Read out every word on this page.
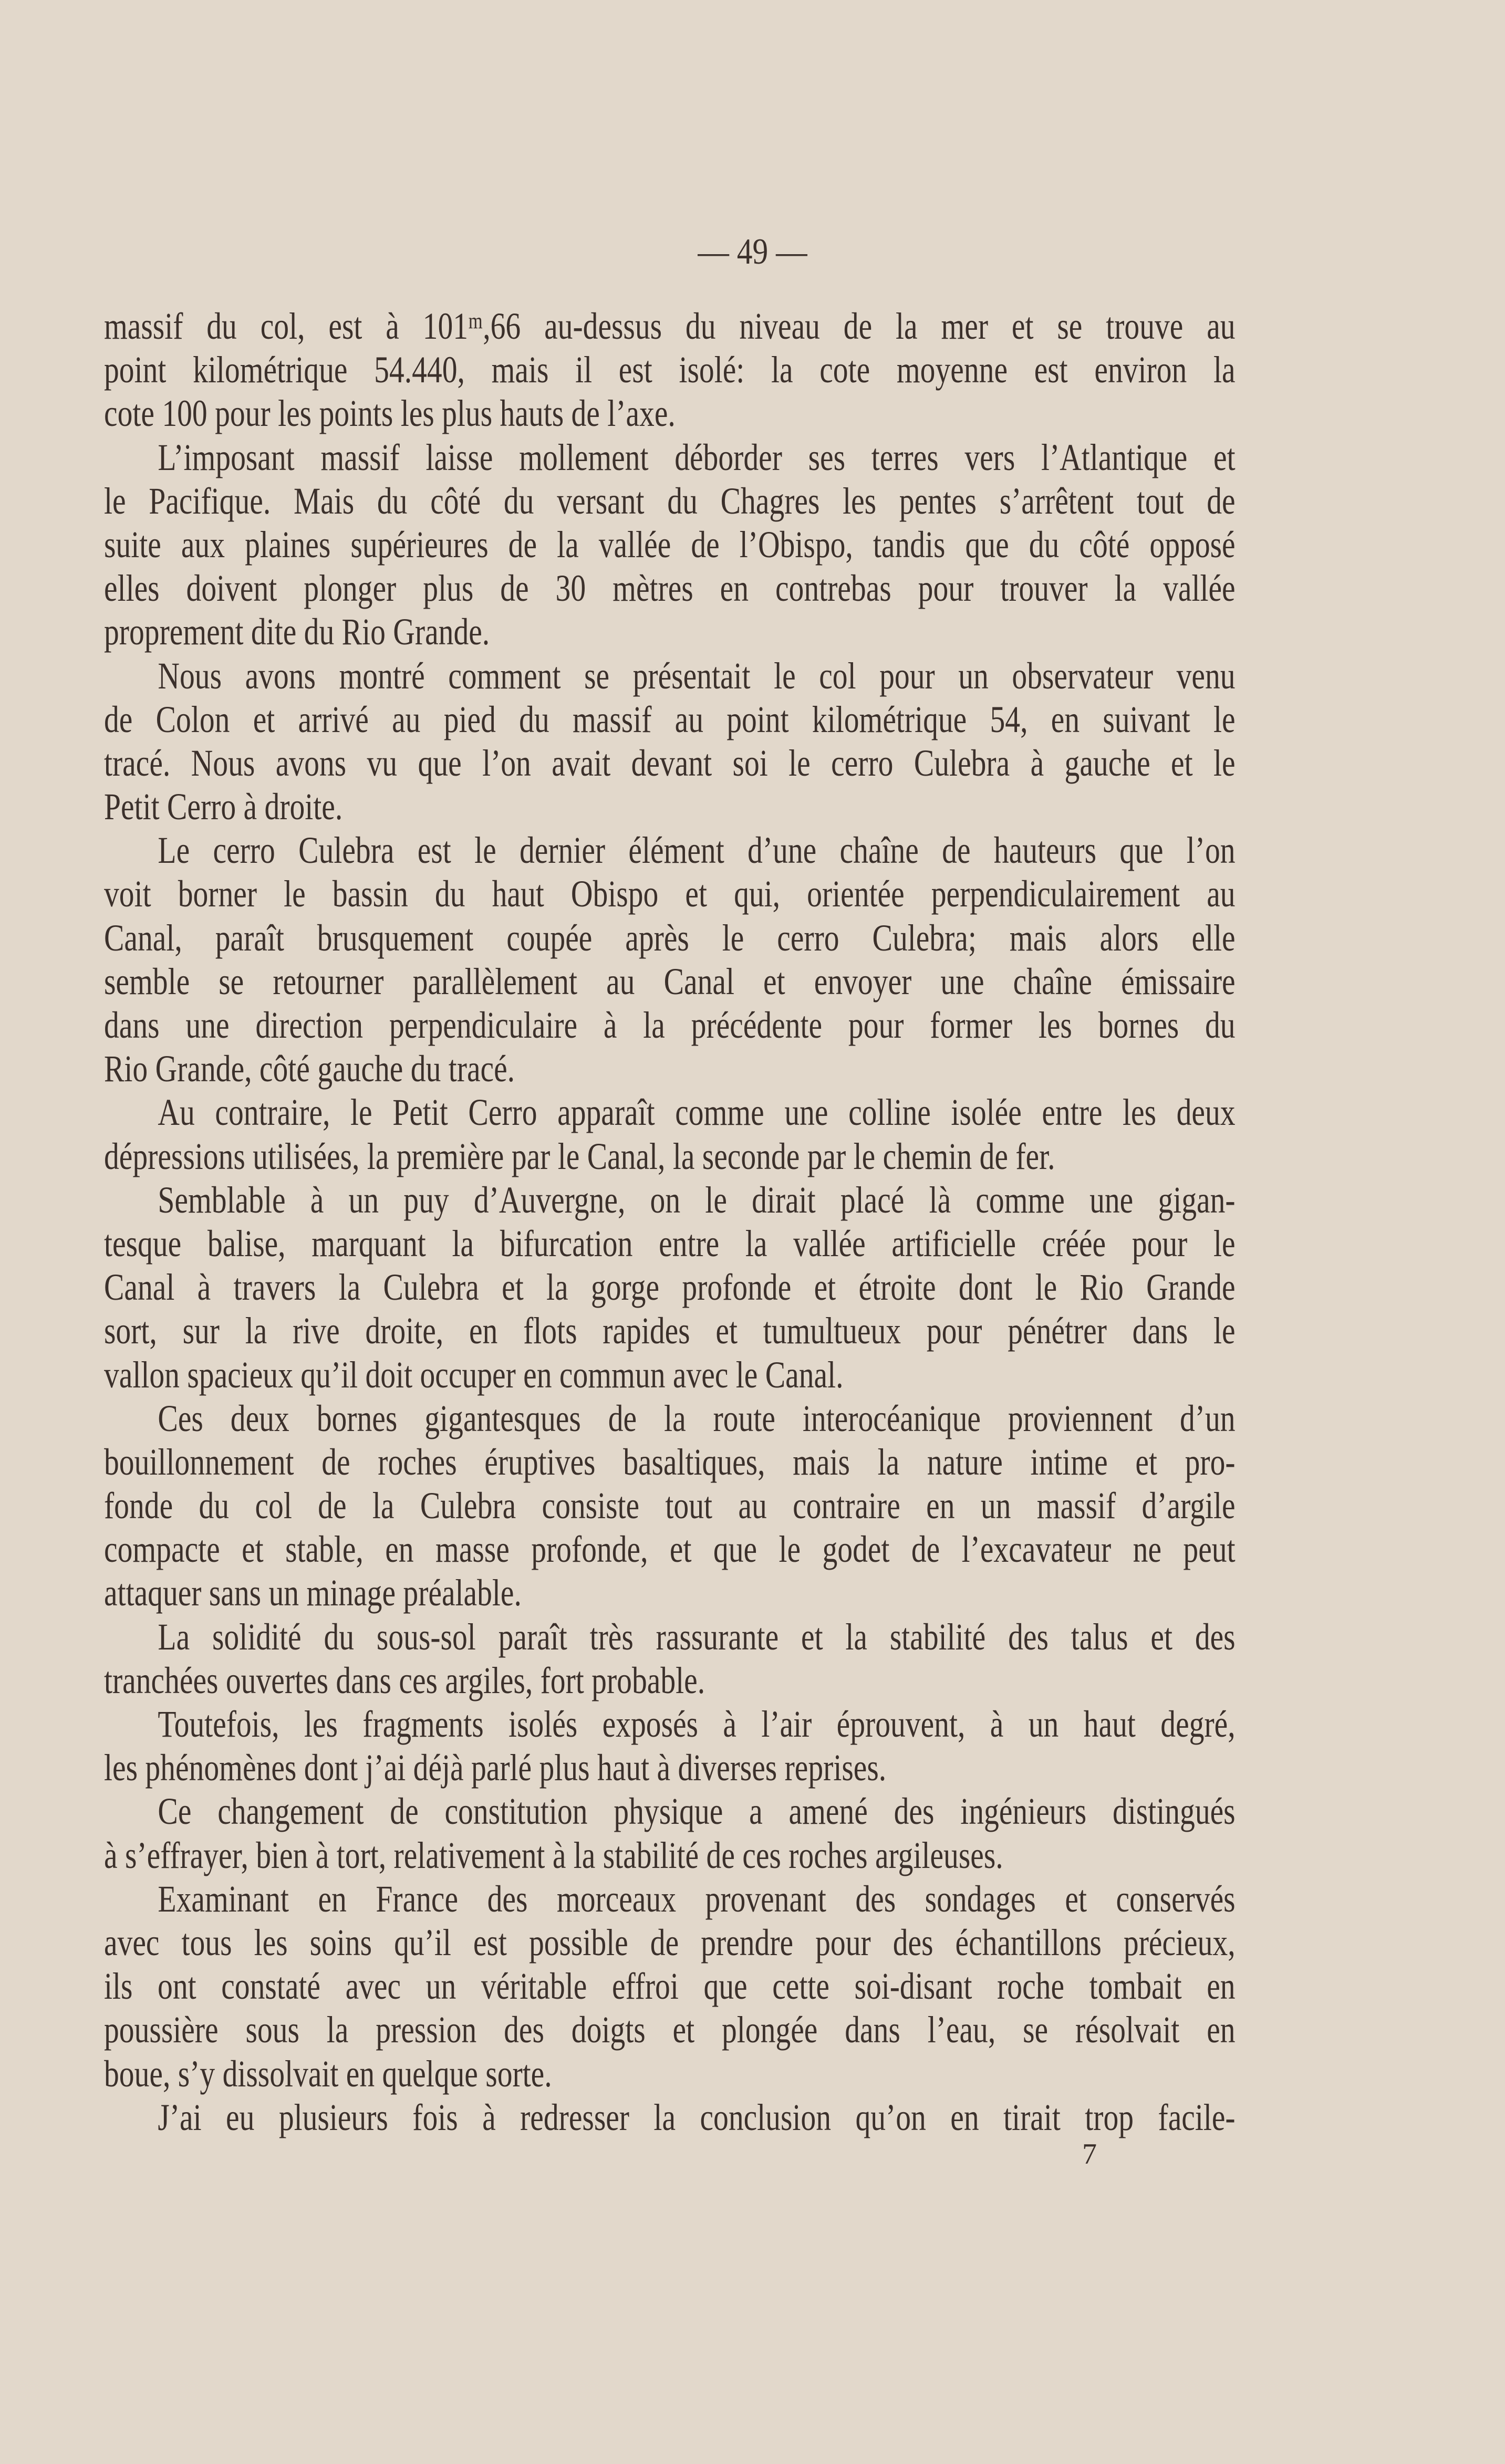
— 49 —
massif du col, est à 101ᵐ,66 au-dessus du niveau de la mer et se trouve au
point kilométrique 54.440, mais il est isolé: la cote moyenne est environ la
cote 100 pour les points les plus hauts de l’axe.
L’imposant massif laisse mollement déborder ses terres vers l’Atlantique et
le Pacifique. Mais du côté du versant du Chagres les pentes s’arrêtent tout de
suite aux plaines supérieures de la vallée de l’Obispo, tandis que du côté opposé
elles doivent plonger plus de 30 mètres en contrebas pour trouver la vallée
proprement dite du Rio Grande.
Nous avons montré comment se présentait le col pour un observateur venu
de Colon et arrivé au pied du massif au point kilométrique 54, en suivant le
tracé. Nous avons vu que l’on avait devant soi le cerro Culebra à gauche et le
Petit Cerro à droite.
Le cerro Culebra est le dernier élément d’une chaîne de hauteurs que l’on
voit borner le bassin du haut Obispo et qui, orientée perpendiculairement au
Canal, paraît brusquement coupée après le cerro Culebra; mais alors elle
semble se retourner parallèlement au Canal et envoyer une chaîne émissaire
dans une direction perpendiculaire à la précédente pour former les bornes du
Rio Grande, côté gauche du tracé.
Au contraire, le Petit Cerro apparaît comme une colline isolée entre les deux
dépressions utilisées, la première par le Canal, la seconde par le chemin de fer.
Semblable à un puy d’Auvergne, on le dirait placé là comme une gigan-
tesque balise, marquant la bifurcation entre la vallée artificielle créée pour le
Canal à travers la Culebra et la gorge profonde et étroite dont le Rio Grande
sort, sur la rive droite, en flots rapides et tumultueux pour pénétrer dans le
vallon spacieux qu’il doit occuper en commun avec le Canal.
Ces deux bornes gigantesques de la route interocéanique proviennent d’un
bouillonnement de roches éruptives basaltiques, mais la nature intime et pro-
fonde du col de la Culebra consiste tout au contraire en un massif d’argile
compacte et stable, en masse profonde, et que le godet de l’excavateur ne peut
attaquer sans un minage préalable.
La solidité du sous-sol paraît très rassurante et la stabilité des talus et des
tranchées ouvertes dans ces argiles, fort probable.
Toutefois, les fragments isolés exposés à l’air éprouvent, à un haut degré,
les phénomènes dont j’ai déjà parlé plus haut à diverses reprises.
Ce changement de constitution physique a amené des ingénieurs distingués
à s’effrayer, bien à tort, relativement à la stabilité de ces roches argileuses.
Examinant en France des morceaux provenant des sondages et conservés
avec tous les soins qu’il est possible de prendre pour des échantillons précieux,
ils ont constaté avec un véritable effroi que cette soi-disant roche tombait en
poussière sous la pression des doigts et plongée dans l’eau, se résolvait en
boue, s’y dissolvait en quelque sorte.
J’ai eu plusieurs fois à redresser la conclusion qu’on en tirait trop facile-
7
